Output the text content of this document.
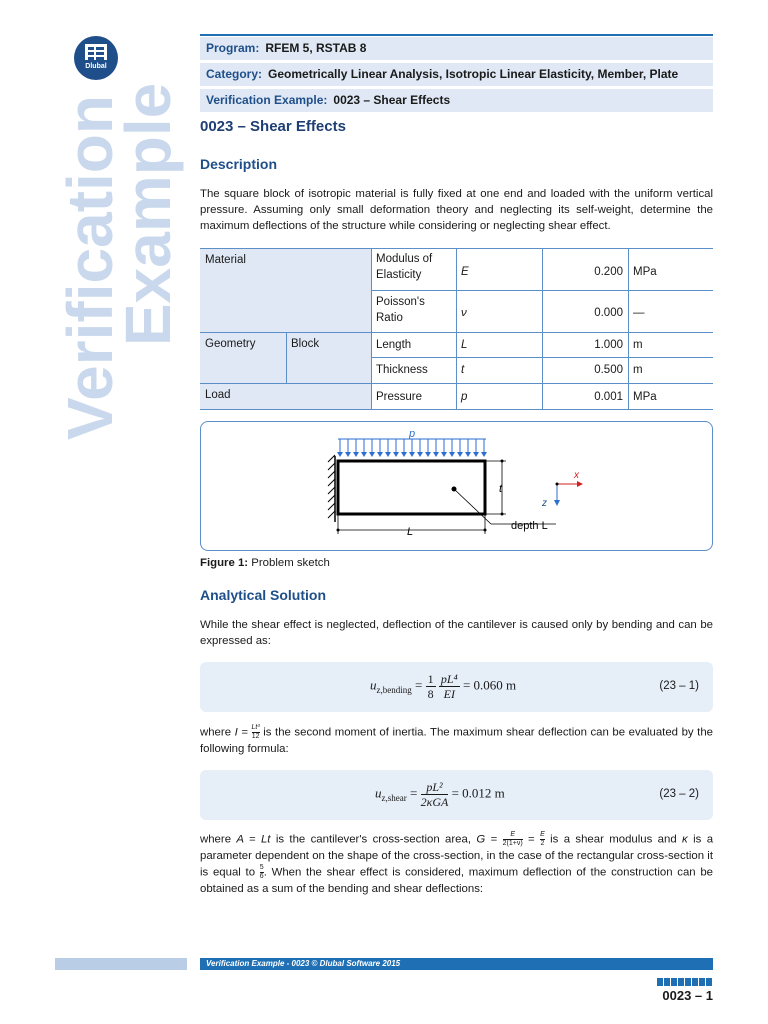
Verification
Example
Dlubal
Program: RFEM 5, RSTAB 8
Category: Geometrically Linear Analysis, Isotropic Linear Elasticity, Member, Plate
Verification Example: 0023 – Shear Effects
0023 – Shear Effects
Description
The square block of isotropic material is fully fixed at one end and loaded with the uniform vertical pressure. Assuming only small deformation theory and neglecting its self-weight, determine the maximum deflections of the structure while considering or neglecting shear effect.
Material
Geometry	Block
Load
Modulus of Elasticity	E	0.200 MPa
Poisson's Ratio	ν	0.000 —
Length	L	1.000 m
Thickness	t	0.500 m
Pressure	p	0.001 MPa
p
t
L	depth L
x
z
Figure 1: Problem sketch
Analytical Solution
While the shear effect is neglected, deflection of the cantilever is caused only by bending and can be expressed as:
$u_{z,bending} = \frac{1}{8}$
$\frac{\text{pL⁴}}{EI} = 0.060$ m	(23 – 1)
where $I = \frac{\text{Lt³}}{12}$ is the second moment of inertia. The maximum shear deflection can be evaluated by the following formula:
$u_{z,shear} = \frac{\text{pL²}}{\text{2κGA}} = 0.012$ m	(23 – 2)
where A = Lt is the cantilever's cross-section area, $G = \frac{E}{2(1+\nu)} = \frac{E}{2}$ is a shear modulus and κ is a parameter dependent on the shape of the cross-section, in the case of the rectangular cross-section it is equal to $\frac{5}{6}$. When the shear effect is considered, maximum deflection of the construction can be obtained as a sum of the bending and shear deflections:
Verification Example - 0023 © Dlubal Software 2015
0023 – 1
